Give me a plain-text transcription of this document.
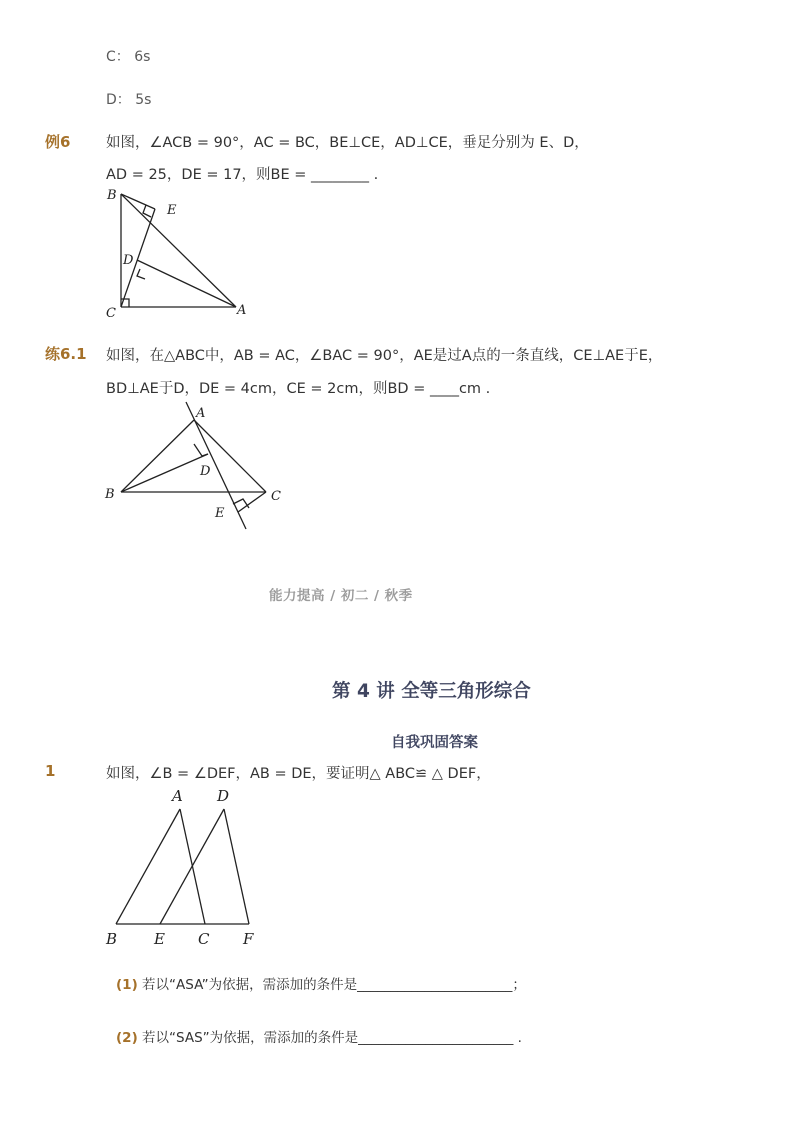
C： 6s
D： 5s
例6 如图，∠ACB = 90°，AC = BC，BE⊥CE，AD⊥CE，垂足分别为 E、D，
AD = 25，DE = 17，则BE = ________ .
B
E
D
C	A
练6.1 如图，在△ABC中，AB = AC，∠BAC = 90°，AE是过A点的一条直线，CE⊥AE于E，
BD⊥AE于D，DE = 4cm，CE = 2cm，则BD = ____cm .
A
D
B	C
E
能力提高 / 初二 / 秋季
第 4 讲 全等三角形综合
自我巩固答案
1	如图，∠B = ∠DEF，AB = DE，要证明△ ABC≌ △ DEF，
A D
B E C F
(1) 若以“ASA”为依据，需添加的条件是_______________________；
(2) 若以“SAS”为依据，需添加的条件是_______________________ .
